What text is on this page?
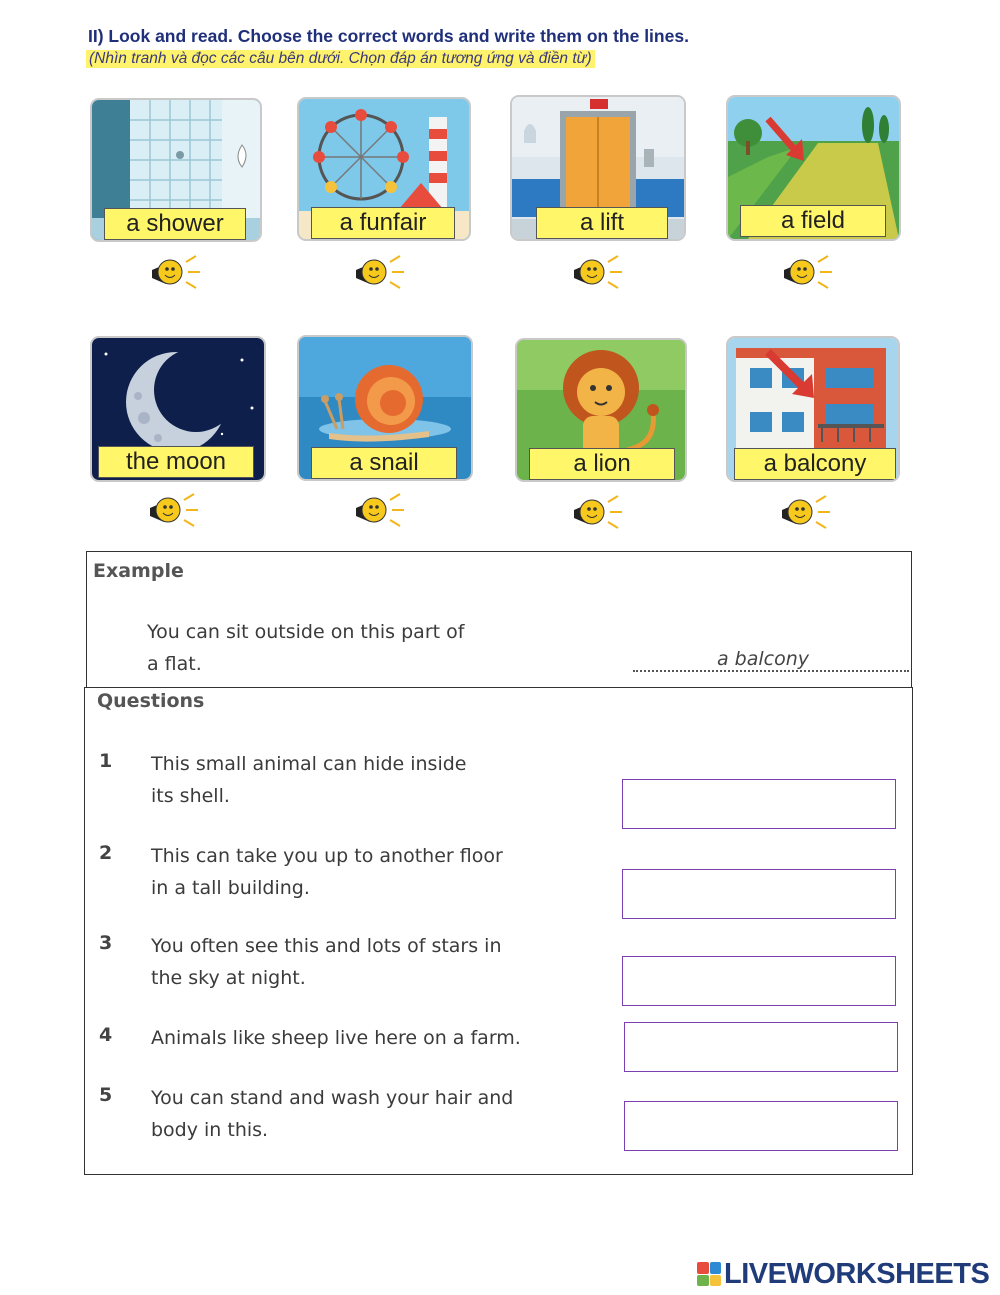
II) Look and read. Choose the correct words and write them on the lines.
(Nhìn tranh và đọc các câu bên dưới. Chọn đáp án tương ứng và điền từ)
a shower	a funfair	a lift	a field
the moon	a snail	a lion	a balcony
Example
You can sit outside on this part of
a flat.	a balcony
Questions
1 This small animal can hide inside
its shell.
2 This can take you up to another floor
in a tall building.
3 You often see this and lots of stars in
the sky at night.
4 Animals like sheep live here on a farm.
5 You can stand and wash your hair and
body in this.
LIVEWORKSHEETS
